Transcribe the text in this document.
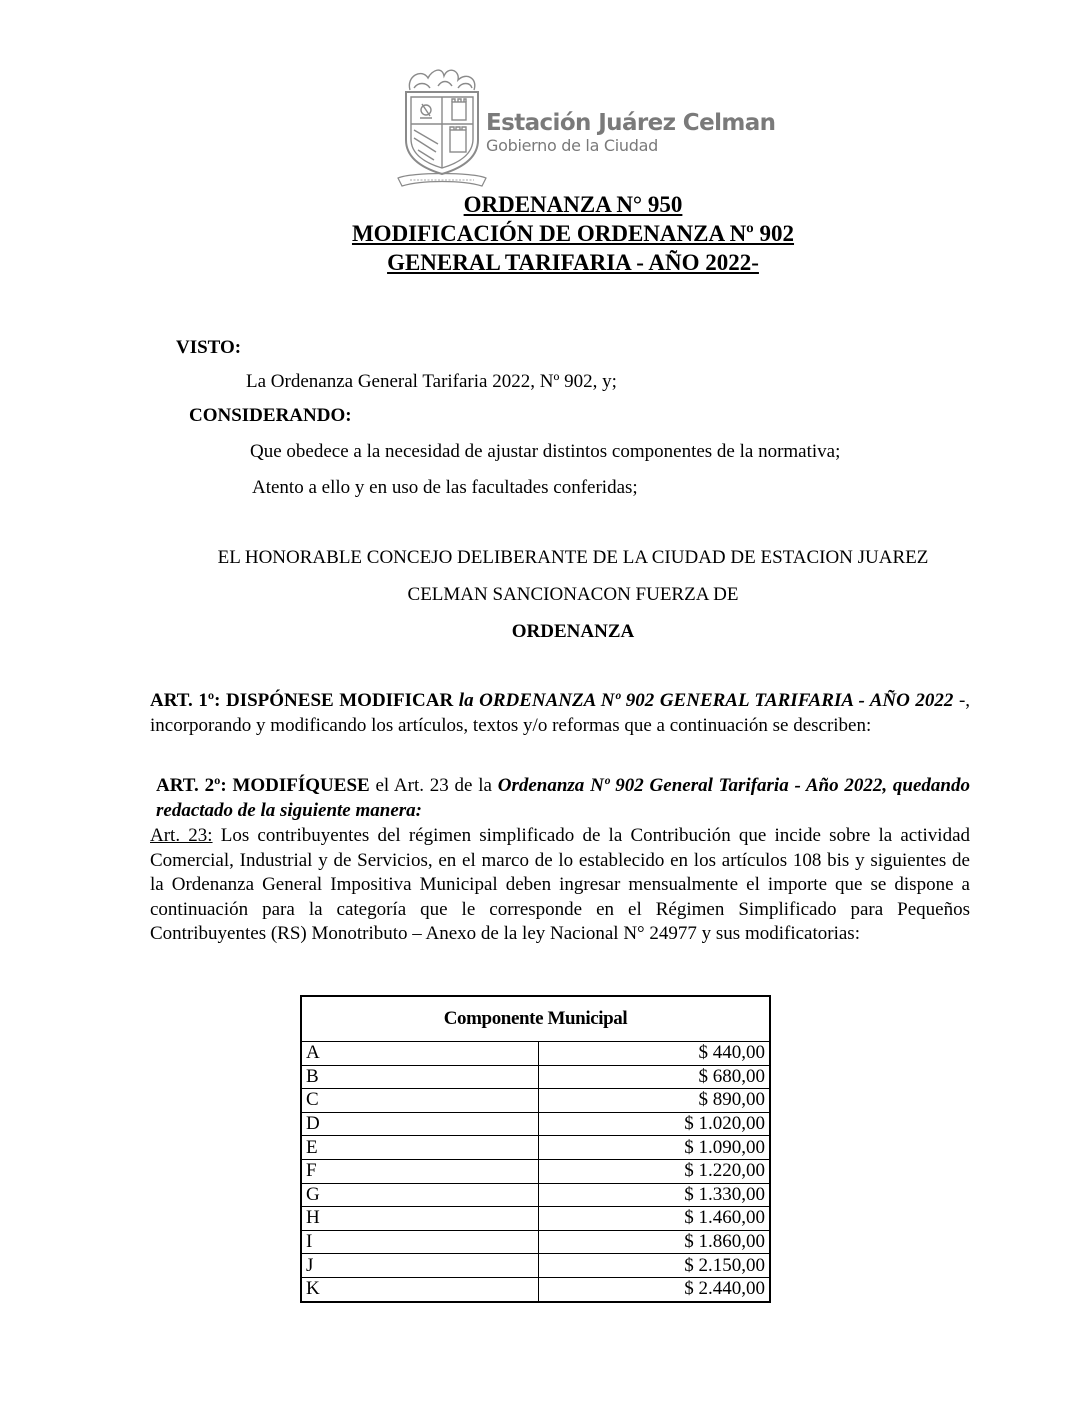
Estación Juárez Celman
Gobierno de la Ciudad
ORDENANZA N° 950
MODIFICACIÓN DE ORDENANZA Nº 902
GENERAL TARIFARIA - AÑO 2022-
VISTO:
La Ordenanza General Tarifaria 2022, Nº 902, y;
CONSIDERANDO:
Que obedece a la necesidad de ajustar distintos componentes de la normativa;
Atento a ello y en uso de las facultades conferidas;
EL HONORABLE CONCEJO DELIBERANTE DE LA CIUDAD DE ESTACION JUAREZ
CELMAN SANCIONACON FUERZA DE
ORDENANZA
ART. 1º: DISPÓNESE MODIFICAR la ORDENANZA Nº 902 GENERAL TARIFARIA - AÑO 2022 -, incorporando y modificando los artículos, textos y/o reformas que a continuación se describen:
ART. 2º: MODIFÍQUESE el Art. 23 de la Ordenanza Nº 902 General Tarifaria - Año 2022, quedando redactado de la siguiente manera:
Art. 23: Los contribuyentes del régimen simplificado de la Contribución que incide sobre la actividad Comercial, Industrial y de Servicios, en el marco de lo establecido en los artículos 108 bis y siguientes de la Ordenanza General Impositiva Municipal deben ingresar mensualmente el importe que se dispone a continuación para la categoría que le corresponde en el Régimen Simplificado para Pequeños Contribuyentes (RS) Monotributo – Anexo de la ley Nacional N° 24977 y sus modificatorias:
Componente Municipal	
A	$ 440,00
B	$ 680,00
C	$ 890,00
D	$ 1.020,00
E	$ 1.090,00
F	$ 1.220,00
G	$ 1.330,00
H	$ 1.460,00
I	$ 1.860,00
J	$ 2.150,00
K	$ 2.440,00
